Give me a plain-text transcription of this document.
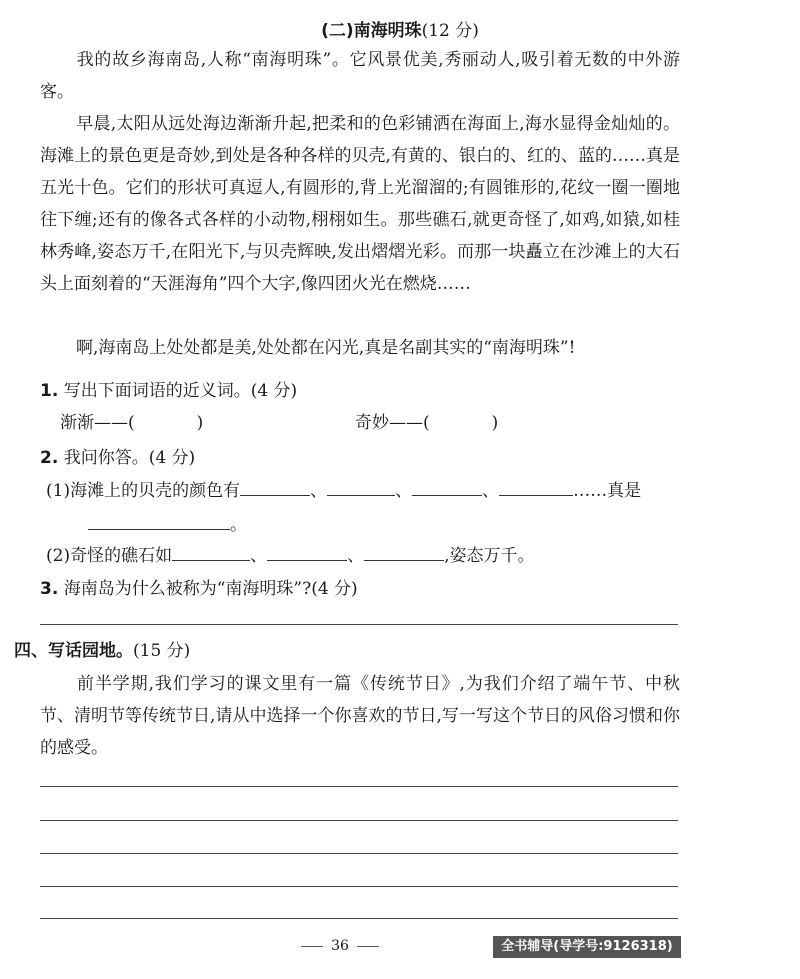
(二)南海明珠(12 分)

我的故乡海南岛,人称“南海明珠”。它风景优美,秀丽动人,吸引着无数的中外游客。

早晨,太阳从远处海边渐渐升起,把柔和的色彩铺洒在海面上,海水显得金灿灿的。海滩上的景色更是奇妙,到处是各种各样的贝壳,有黄的、银白的、红的、蓝的……真是五光十色。它们的形状可真逗人,有圆形的,背上光溜溜的;有圆锥形的,花纹一圈一圈地往下缠;还有的像各式各样的小动物,栩栩如生。那些礁石,就更奇怪了,如鸡,如猿,如桂林秀峰,姿态万千,在阳光下,与贝壳辉映,发出熠熠光彩。而那一块矗立在沙滩上的大石头上面刻着的“天涯海角”四个大字,像四团火光在燃烧……

啊,海南岛上处处都是美,处处都在闪光,真是名副其实的“南海明珠”!

1. 写出下面词语的近义词。(4 分)
渐渐——(	)	奇妙——(	)
2. 我问你答。(4 分)
(1)海滩上的贝壳的颜色有	、	、	、	……真是
。
(2)奇怪的礁石如	、	、	,姿态万千。
3. 海南岛为什么被称为“南海明珠”?(4 分)
四、写话园地。(15 分)

前半学期,我们学习的课文里有一篇《传统节日》,为我们介绍了端午节、中秋节、清明节等传统节日,请从中选择一个你喜欢的节日,写一写这个节日的风俗习惯和你的感受。

36	全书辅导(导学号:9126318)
